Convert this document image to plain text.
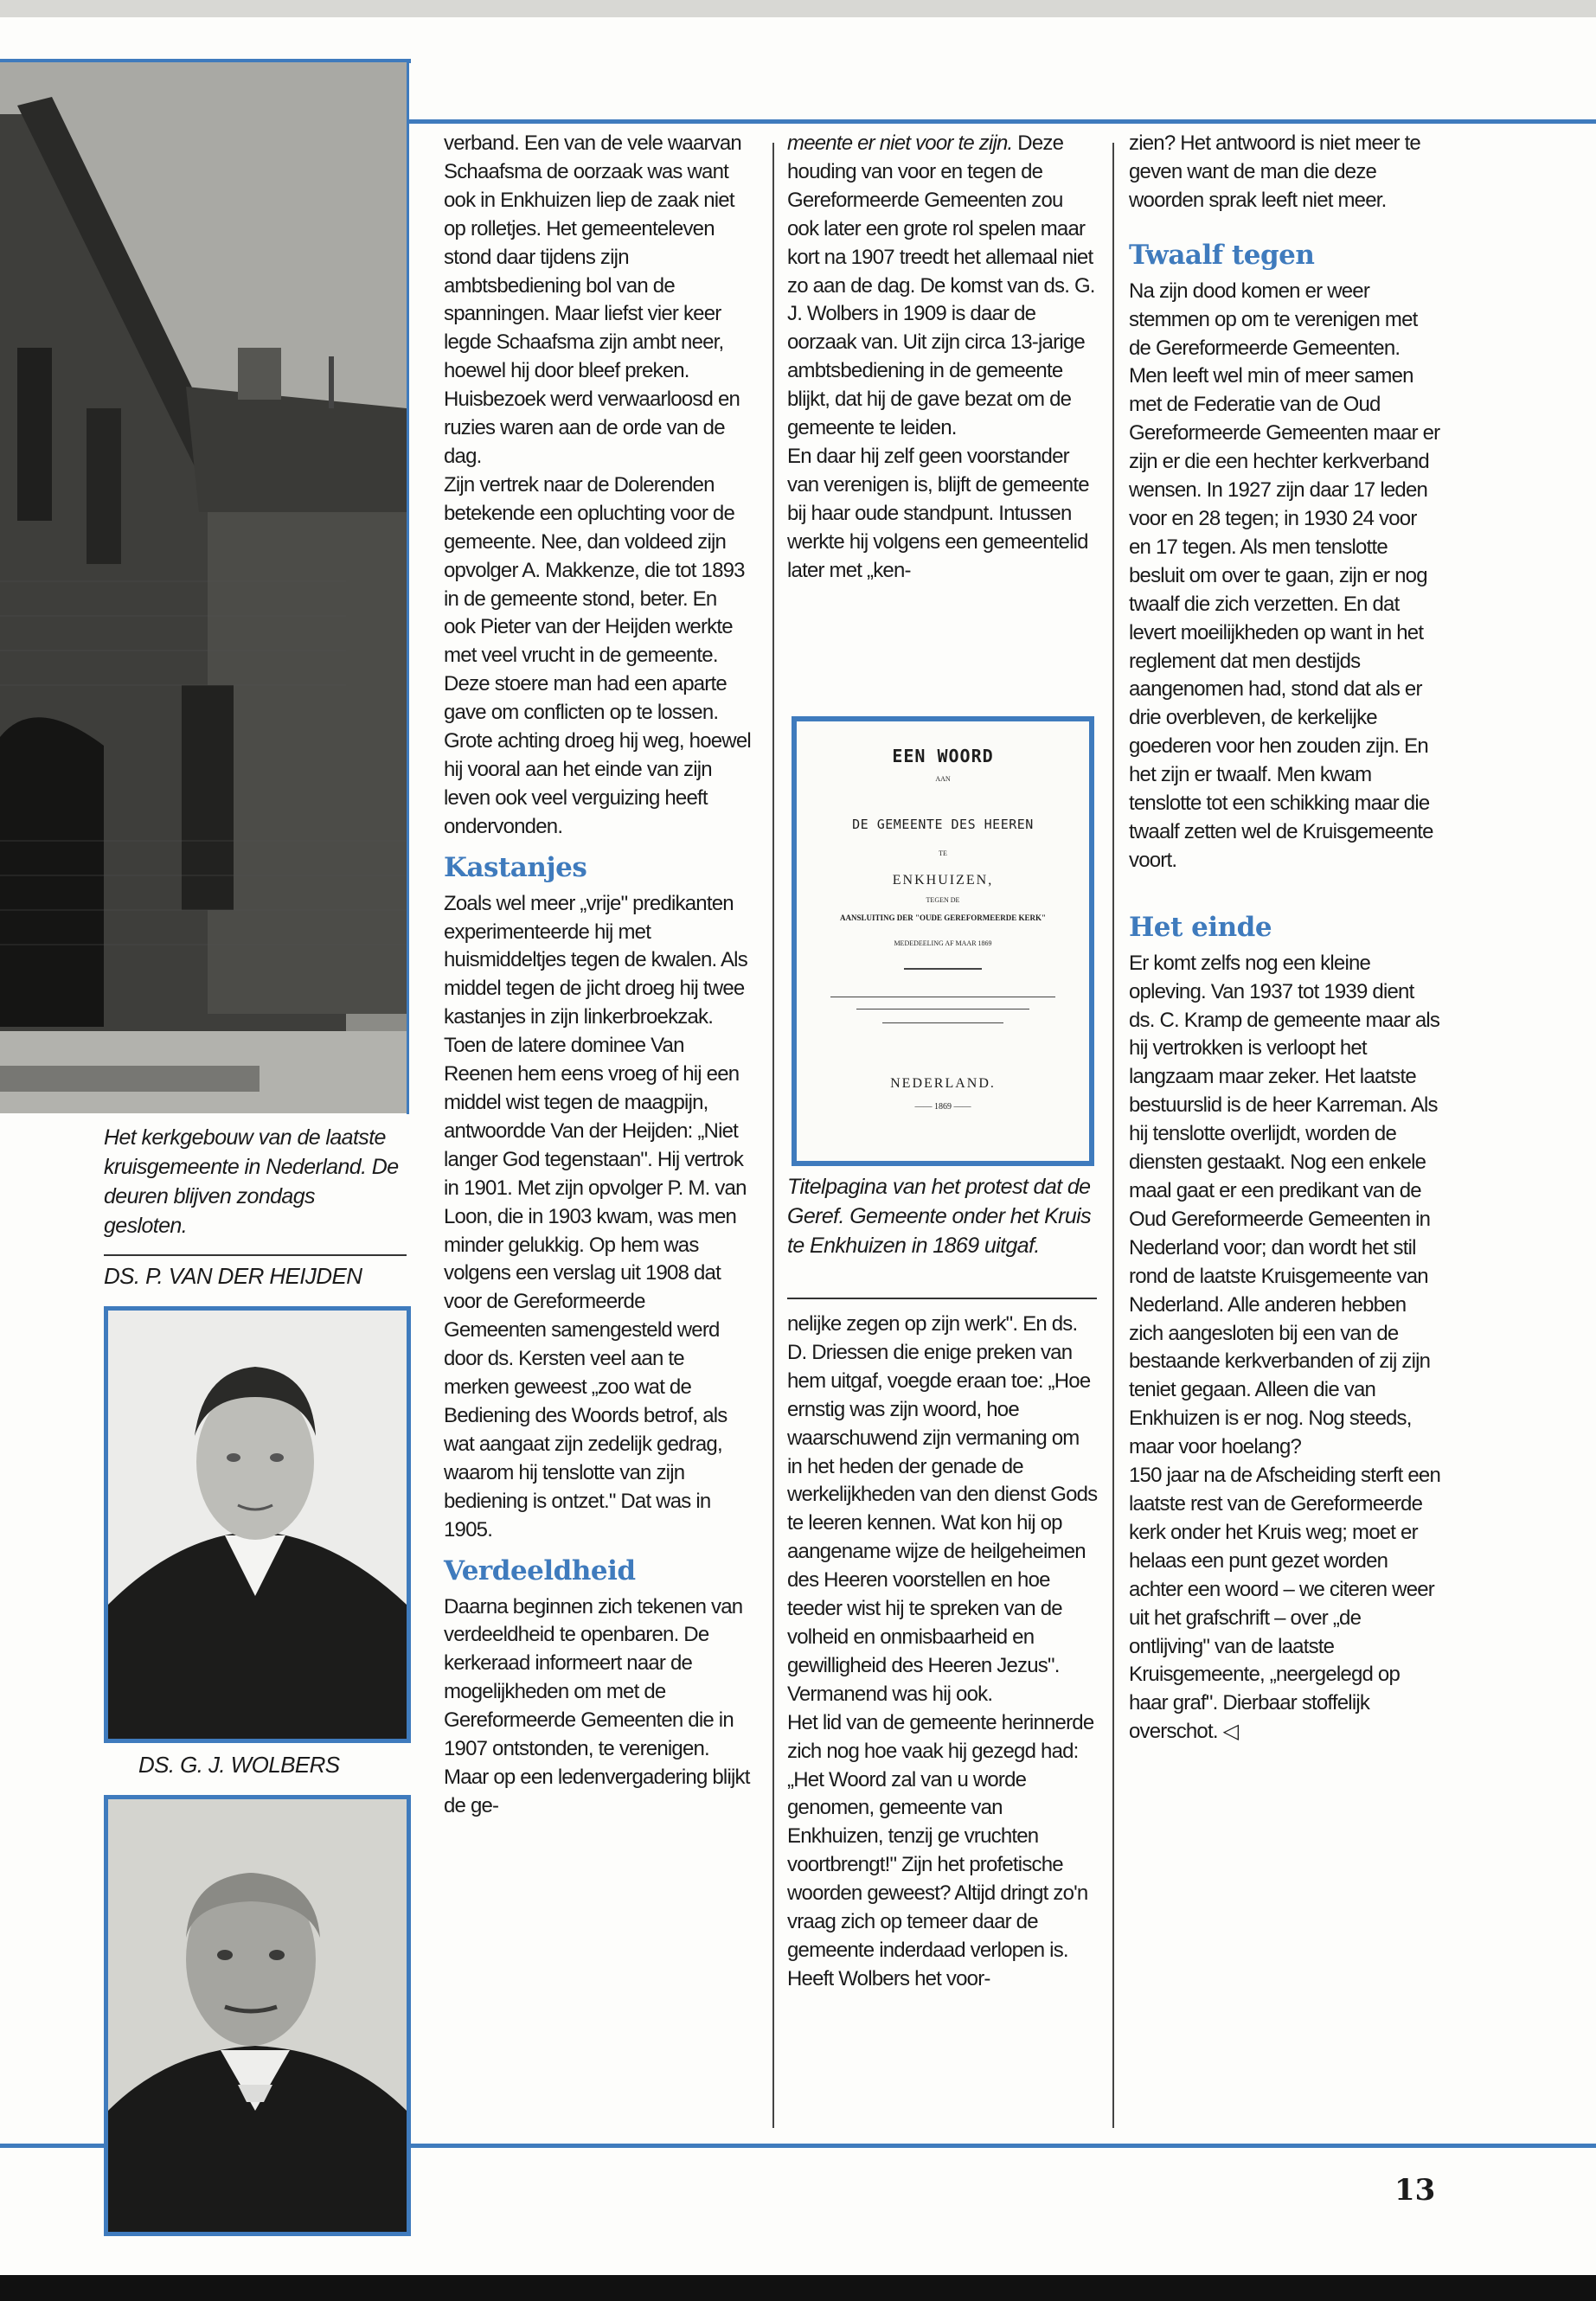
Het kerkgebouw van de laatste kruisgemeente in Nederland. De deuren blijven zondags gesloten.
DS. P. VAN DER HEIJDEN
DS. G. J. WOLBERS

verband. Een van de vele waarvan Schaafsma de oorzaak was want ook in Enkhuizen liep de zaak niet op rolletjes. Het gemeenteleven stond daar tijdens zijn ambtsbediening bol van de spanningen. Maar liefst vier keer legde Schaafsma zijn ambt neer, hoewel hij door bleef preken. Huisbezoek werd verwaarloosd en ruzies waren aan de orde van de dag.

Zijn vertrek naar de Dolerenden betekende een opluchting voor de gemeente. Nee, dan voldeed zijn opvolger A. Makkenze, die tot 1893 in de gemeente stond, beter. En ook Pieter van der Heijden werkte met veel vrucht in de gemeente. Deze stoere man had een aparte gave om conflicten op te lossen. Grote achting droeg hij weg, hoewel hij vooral aan het einde van zijn leven ook veel verguizing heeft ondervonden.

Kastanjes

Zoals wel meer „vrije" predikanten experimenteerde hij met huismiddeltjes tegen de kwalen. Als middel tegen de jicht droeg hij twee kastanjes in zijn linkerbroekzak. Toen de latere dominee Van Reenen hem eens vroeg of hij een middel wist tegen de maagpijn, antwoordde Van der Heijden: „Niet langer God tegenstaan". Hij vertrok in 1901. Met zijn opvolger P. M. van Loon, die in 1903 kwam, was men minder gelukkig. Op hem was volgens een verslag uit 1908 dat voor de Gereformeerde Gemeenten samengesteld werd door ds. Kersten veel aan te merken geweest „zoo wat de Bediening des Woords betrof, als wat aangaat zijn zedelijk gedrag, waarom hij tenslotte van zijn bediening is ontzet." Dat was in 1905.

Verdeeldheid

Daarna beginnen zich tekenen van verdeeldheid te openbaren. De kerkeraad informeert naar de mogelijkheden om met de Gereformeerde Gemeenten die in 1907 ontstonden, te verenigen. Maar op een ledenvergadering blijkt de ge-

meente er niet voor te zijn. Deze houding van voor en tegen de Gereformeerde Gemeenten zou ook later een grote rol spelen maar kort na 1907 treedt het allemaal niet zo aan de dag. De komst van ds. G. J. Wolbers in 1909 is daar de oorzaak van. Uit zijn circa 13-jarige ambtsbediening in de gemeente blijkt, dat hij de gave bezat om de gemeente te leiden.

En daar hij zelf geen voorstander van verenigen is, blijft de gemeente bij haar oude standpunt. Intussen werkte hij volgens een gemeentelid later met „ken-

EEN WOORD
AAN
DE GEMEENTE DES HEEREN
TE
ENKHUIZEN,
TEGEN DE
AANSLUITING DER "OUDE GEREFORMEERDE KERK"
MEDEDEELING AF MAAR 1869
NEDERLAND.
—— 1869 ——
Titelpagina van het protest dat de Geref. Gemeente onder het Kruis te Enkhuizen in 1869 uitgaf.

nelijke zegen op zijn werk". En ds. D. Driessen die enige preken van hem uitgaf, voegde eraan toe: „Hoe ernstig was zijn woord, hoe waarschuwend zijn vermaning om in het heden der genade de werkelijkheden van den dienst Gods te leeren kennen. Wat kon hij op aangename wijze de heilgeheimen des Heeren voorstellen en hoe teeder wist hij te spreken van de volheid en onmisbaarheid en gewilligheid des Heeren Jezus". Vermanend was hij ook.

Het lid van de gemeente herinnerde zich nog hoe vaak hij gezegd had: „Het Woord zal van u worde genomen, gemeente van Enkhuizen, tenzij ge vruchten voortbrengt!" Zijn het profetische woorden geweest? Altijd dringt zo'n vraag zich op temeer daar de gemeente inderdaad verlopen is. Heeft Wolbers het voor-

zien? Het antwoord is niet meer te geven want de man die deze woorden sprak leeft niet meer.

Twaalf tegen

Na zijn dood komen er weer stemmen op om te verenigen met de Gereformeerde Gemeenten. Men leeft wel min of meer samen met de Federatie van de Oud Gereformeerde Gemeenten maar er zijn er die een hechter kerkverband wensen. In 1927 zijn daar 17 leden voor en 28 tegen; in 1930 24 voor en 17 tegen. Als men tenslotte besluit om over te gaan, zijn er nog twaalf die zich verzetten. En dat levert moeilijkheden op want in het reglement dat men destijds aangenomen had, stond dat als er drie overbleven, de kerkelijke goederen voor hen zouden zijn. En het zijn er twaalf. Men kwam tenslotte tot een schikking maar die twaalf zetten wel de Kruisgemeente voort.

Het einde

Er komt zelfs nog een kleine opleving. Van 1937 tot 1939 dient ds. C. Kramp de gemeente maar als hij vertrokken is verloopt het langzaam maar zeker. Het laatste bestuurslid is de heer Karreman. Als hij tenslotte overlijdt, worden de diensten gestaakt. Nog een enkele maal gaat er een predikant van de Oud Gereformeerde Gemeenten in Nederland voor; dan wordt het stil rond de laatste Kruisgemeente van Nederland. Alle anderen hebben zich aangesloten bij een van de bestaande kerkverbanden of zij zijn teniet gegaan. Alleen die van Enkhuizen is er nog. Nog steeds, maar voor hoelang?

150 jaar na de Afscheiding sterft een laatste rest van de Gereformeerde kerk onder het Kruis weg; moet er helaas een punt gezet worden achter een woord – we citeren weer uit het grafschrift – over „de ontlijving" van de laatste Kruisgemeente, „neergelegd op haar graf". Dierbaar stoffelijk overschot. ◁

13
